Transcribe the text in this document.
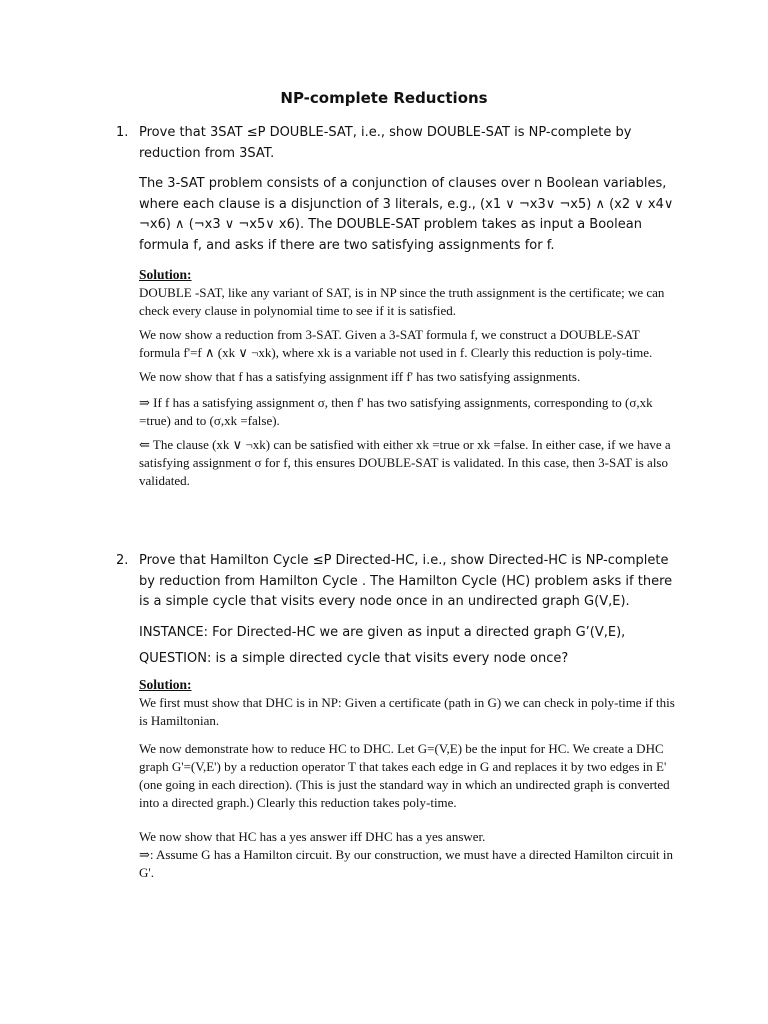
NP-complete Reductions
1. Prove that 3SAT ≤P DOUBLE-SAT, i.e., show DOUBLE-SAT is NP-complete by reduction from 3SAT.

The 3-SAT problem consists of a conjunction of clauses over n Boolean variables, where each clause is a disjunction of 3 literals, e.g., (x1 ∨ ¬x3∨ ¬x5) ∧ (x2 ∨ x4∨ ¬x6) ∧ (¬x3 ∨ ¬x5∨ x6). The DOUBLE-SAT problem takes as input a Boolean formula f, and asks if there are two satisfying assignments for f.

Solution:

DOUBLE -SAT, like any variant of SAT, is in NP since the truth assignment is the certificate; we can check every clause in polynomial time to see if it is satisfied.

We now show a reduction from 3-SAT. Given a 3-SAT formula f, we construct a DOUBLE-SAT formula f'=f ∧ (xk ∨ ¬xk), where xk is a variable not used in f. Clearly this reduction is poly-time.

We now show that f has a satisfying assignment iff f' has two satisfying assignments.

⇒ If f has a satisfying assignment σ, then f' has two satisfying assignments, corresponding to (σ,xk =true) and to (σ,xk =false).

⇐ The clause (xk ∨ ¬xk) can be satisfied with either xk =true or xk =false. In either case, if we have a satisfying assignment σ for f, this ensures DOUBLE-SAT is validated. In this case, then 3-SAT is also validated.

2. Prove that Hamilton Cycle ≤P Directed-HC, i.e., show Directed-HC is NP-complete by reduction from Hamilton Cycle . The Hamilton Cycle (HC) problem asks if there is a simple cycle that visits every node once in an undirected graph G(V,E).

INSTANCE: For Directed-HC we are given as input a directed graph G’(V,E),

QUESTION: is a simple directed cycle that visits every node once?

Solution:

We first must show that DHC is in NP: Given a certificate (path in G) we can check in poly-time if this is Hamiltonian.

We now demonstrate how to reduce HC to DHC. Let G=(V,E) be the input for HC. We create a DHC graph G'=(V,E') by a reduction operator T that takes each edge in G and replaces it by two edges in E' (one going in each direction). (This is just the standard way in which an undirected graph is converted into a directed graph.) Clearly this reduction takes poly-time.

We now show that HC has a yes answer iff DHC has a yes answer.

⇒: Assume G has a Hamilton circuit. By our construction, we must have a directed Hamilton circuit in G'.
